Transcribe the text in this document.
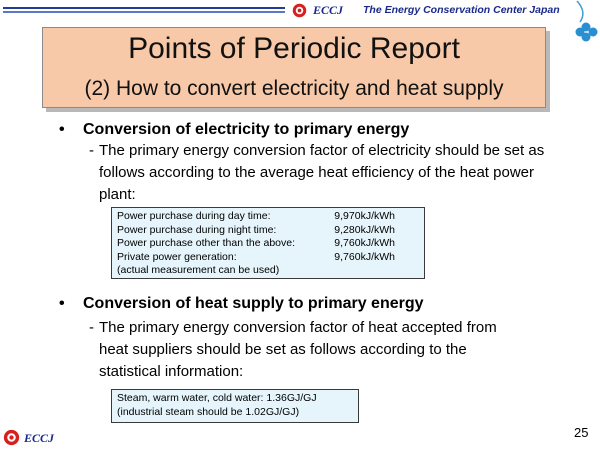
ECCJ The Energy Conservation Center Japan
Points of Periodic Report
(2) How to convert electricity and heat supply
• Conversion of electricity to primary energy
- The primary energy conversion factor of electricity should be set as
follows according to the average heat efficiency of the heat power
plant:
Power purchase during day time:	9,970kJ/kWh
Power purchase during night time:	9,280kJ/kWh
Power purchase other than the above:	9,760kJ/kWh
Private power generation:	9,760kJ/kWh
(actual measurement can be used)
• Conversion of heat supply to primary energy
- The primary energy conversion factor of heat accepted from
heat suppliers should be set as follows according to the
statistical information:
Steam, warm water, cold water: 1.36GJ/GJ
(industrial steam should be 1.02GJ/GJ)
ECCJ	25
